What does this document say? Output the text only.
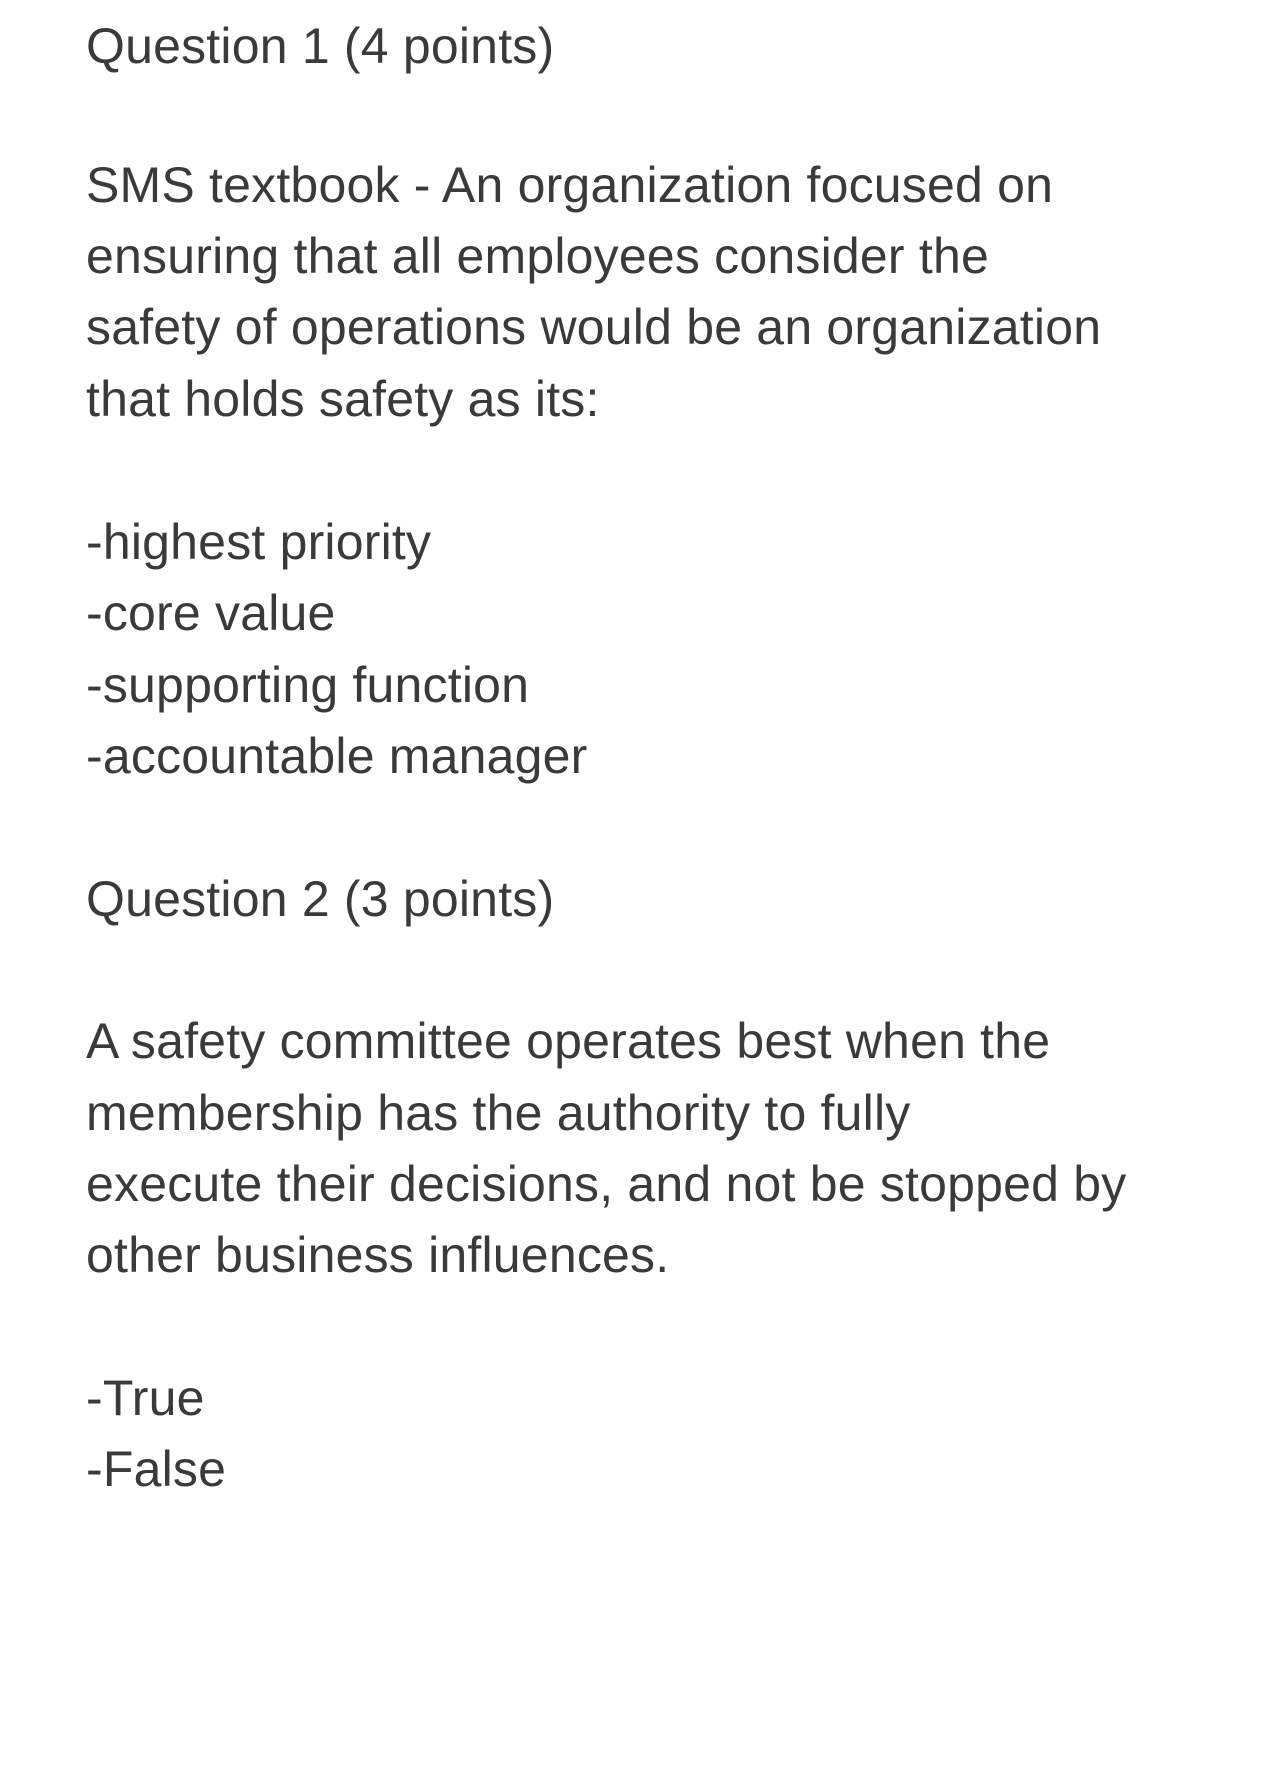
Question 1 (4 points)
SMS textbook - An organization focused on
ensuring that all employees consider the
safety of operations would be an organization
that holds safety as its:
-highest priority
-core value
-supporting function
-accountable manager
Question 2 (3 points)
A safety committee operates best when the
membership has the authority to fully
execute their decisions, and not be stopped by
other business influences.
-True
-False
